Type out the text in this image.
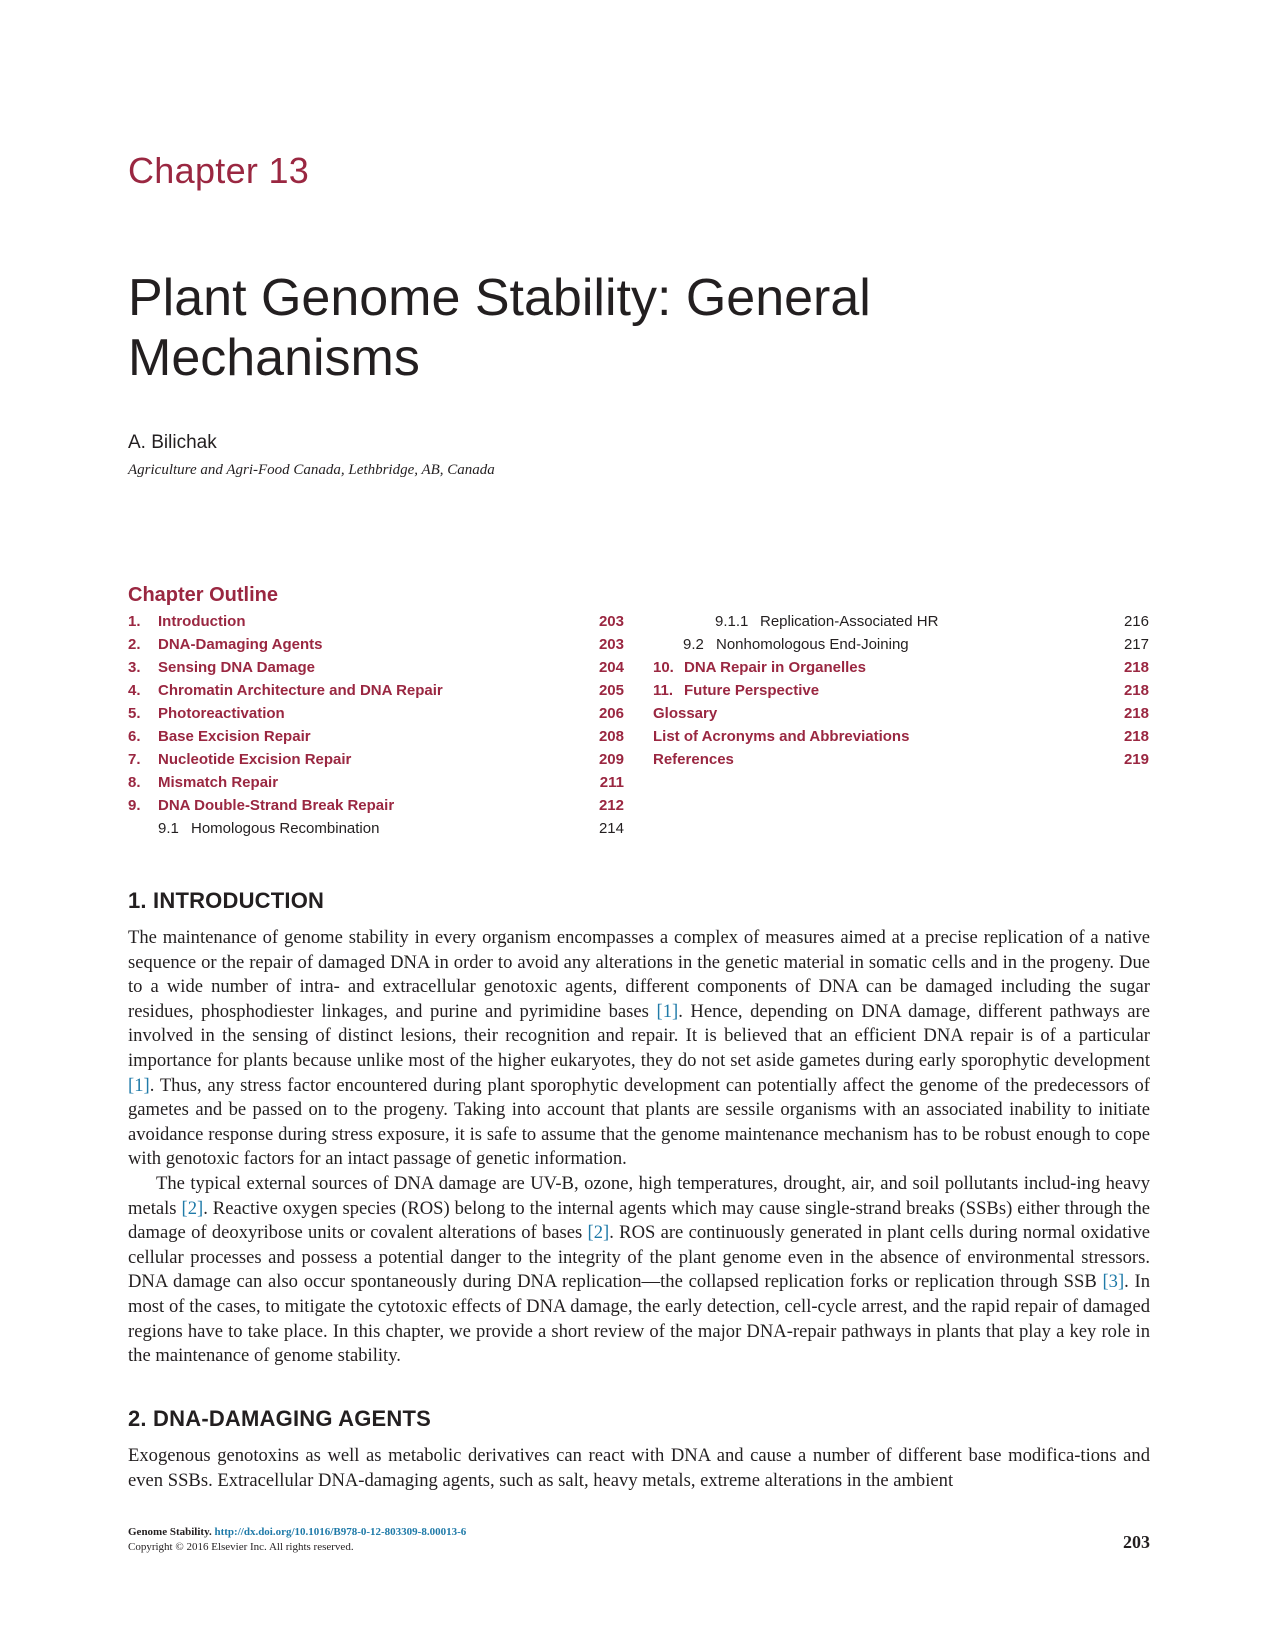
Chapter 13
Plant Genome Stability: General
Mechanisms
A. Bilichak
Agriculture and Agri-Food Canada, Lethbridge, AB, Canada
Chapter Outline
1. Introduction	203
2. DNA-Damaging Agents	203
3. Sensing DNA Damage	204
4. Chromatin Architecture and DNA Repair	205
5. Photoreactivation	206
6. Base Excision Repair	208
7. Nucleotide Excision Repair	209
8. Mismatch Repair	211
9. DNA Double-Strand Break Repair	212
9.1 Homologous Recombination	214
9.1.1 Replication-Associated HR	216
9.2 Nonhomologous End-Joining	217
10. DNA Repair in Organelles	218
11. Future Perspective	218
Glossary	218
List of Acronyms and Abbreviations	218
References	219
1. INTRODUCTION

The maintenance of genome stability in every organism encompasses a complex of measures aimed at a precise replication of a native sequence or the repair of damaged DNA in order to avoid any alterations in the genetic material in somatic cells and in the progeny. Due to a wide number of intra- and extracellular genotoxic agents, different components of DNA can be damaged including the sugar residues, phosphodiester linkages, and purine and pyrimidine bases [1]. Hence, depending on DNA damage, different pathways are involved in the sensing of distinct lesions, their recognition and repair. It is believed that an efficient DNA repair is of a particular importance for plants because unlike most of the higher eukaryotes, they do not set aside gametes during early sporophytic development [1]. Thus, any stress factor encountered during plant sporophytic development can potentially affect the genome of the predecessors of gametes and be passed on to the progeny. Taking into account that plants are sessile organisms with an associated inability to initiate avoidance response during stress exposure, it is safe to assume that the genome maintenance mechanism has to be robust enough to cope with genotoxic factors for an intact passage of genetic information.

The typical external sources of DNA damage are UV-B, ozone, high temperatures, drought, air, and soil pollutants includ-ing heavy metals [2]. Reactive oxygen species (ROS) belong to the internal agents which may cause single-strand breaks (SSBs) either through the damage of deoxyribose units or covalent alterations of bases [2]. ROS are continuously generated in plant cells during normal oxidative cellular processes and possess a potential danger to the integrity of the plant genome even in the absence of environmental stressors. DNA damage can also occur spontaneously during DNA replication—the collapsed replication forks or replication through SSB [3]. In most of the cases, to mitigate the cytotoxic effects of DNA damage, the early detection, cell-cycle arrest, and the rapid repair of damaged regions have to take place. In this chapter, we provide a short review of the major DNA-repair pathways in plants that play a key role in the maintenance of genome stability.

2. DNA-DAMAGING AGENTS

Exogenous genotoxins as well as metabolic derivatives can react with DNA and cause a number of different base modifica-tions and even SSBs. Extracellular DNA-damaging agents, such as salt, heavy metals, extreme alterations in the ambient

Genome Stability. http://dx.doi.org/10.1016/B978-0-12-803309-8.00013-6
Copyright © 2016 Elsevier Inc. All rights reserved.	203
